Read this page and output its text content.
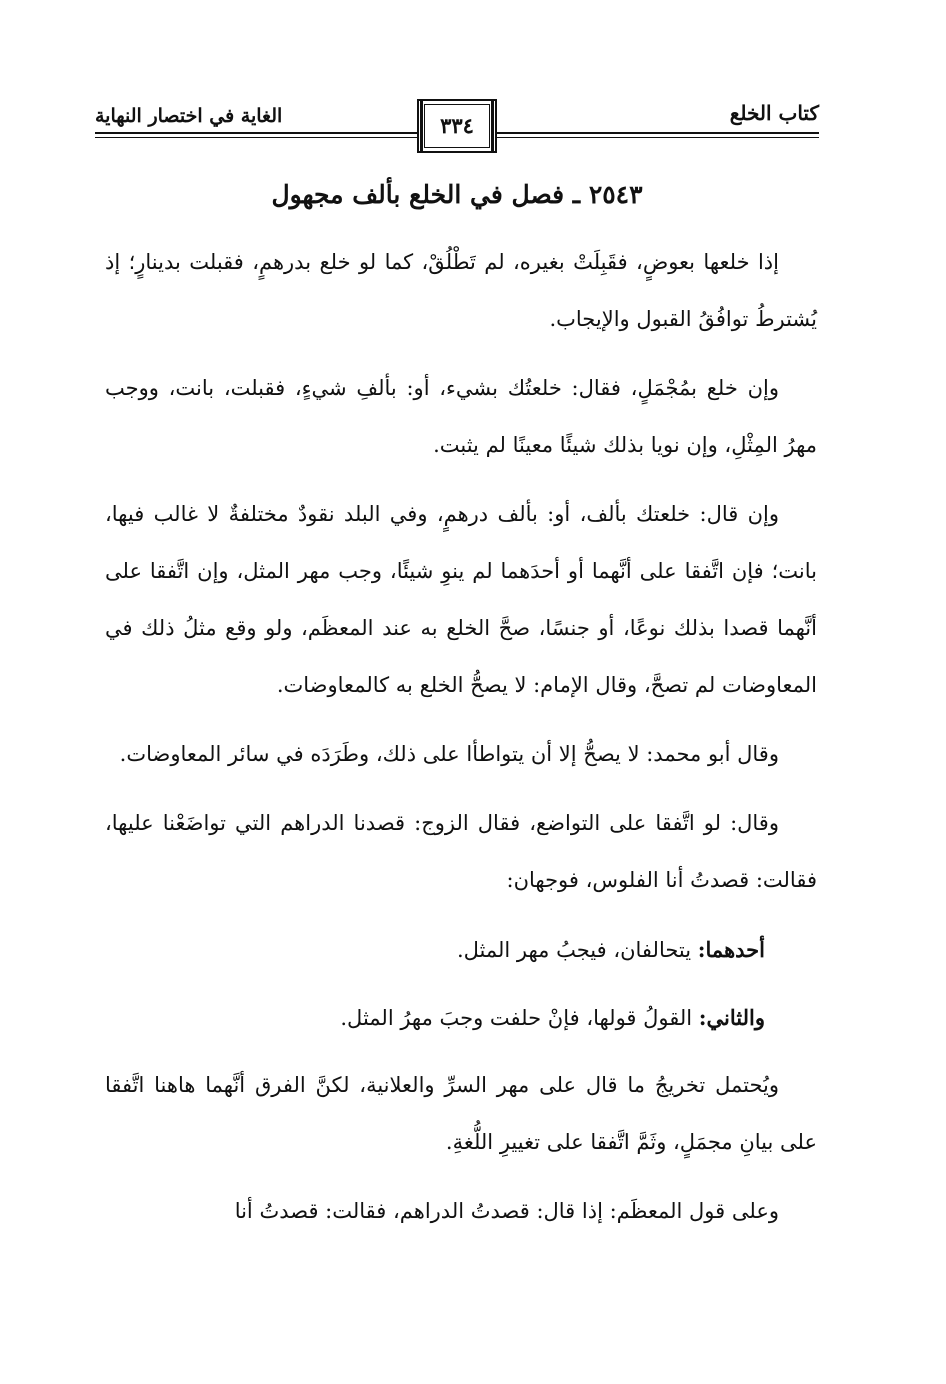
كتاب الخلع
الغاية في اختصار النهاية	٣٣٤
٢٥٤٣ ـ فصل في الخلع بألف مجهول

إذا خلعها بعوضٍ، فقَبِلَتْ بغيره، لم تَطْلُقْ، كما لو خلع بدرهمٍ، فقبلت بدينارٍ؛ إذ يُشترطُ توافُقُ القبول والإيجاب.

وإن خلع بمُجْمَلٍ، فقال: خلعتُك بشيء، أو: بألفِ شيءٍ، فقبلت، بانت، ووجب مهرُ المِثْلِ، وإن نويا بذلك شيئًا معينًا لم يثبت.

وإن قال: خلعتك بألف، أو: بألف درهمٍ، وفي البلد نقودٌ مختلفةٌ لا غالب فيها، بانت؛ فإن اتَّفقا على أنَّهما أو أحدَهما لم ينوِ شيئًا، وجب مهر المثل، وإن اتَّفقا على أنَّهما قصدا بذلك نوعًا، أو جنسًا، صحَّ الخلع به عند المعظَم، ولو وقع مثلُ ذلك في المعاوضات لم تصحَّ، وقال الإمام: لا يصحُّ الخلع به كالمعاوضات.

وقال أبو محمد: لا يصحُّ إلا أن يتواطأا على ذلك، وطَرَدَه في سائر المعاوضات.

وقال: لو اتَّفقا على التواضع، فقال الزوج: قصدنا الدراهم التي تواضَعْنا عليها، فقالت: قصدتُ أنا الفلوس، فوجهان:

أحدهما: يتحالفان، فيجبُ مهر المثل.

والثاني: القولُ قولها، فإنْ حلفت وجبَ مهرُ المثل.

ويُحتمل تخريجُ ما قال على مهر السرِّ والعلانية، لكنَّ الفرق أنَّهما هاهنا اتَّفقا على بيانِ مجمَلٍ، وثَمَّ اتَّفقا على تغييرِ اللُّغةِ.

وعلى قول المعظَم: إذا قال: قصدتُ الدراهم، فقالت: قصدتُ أنا
